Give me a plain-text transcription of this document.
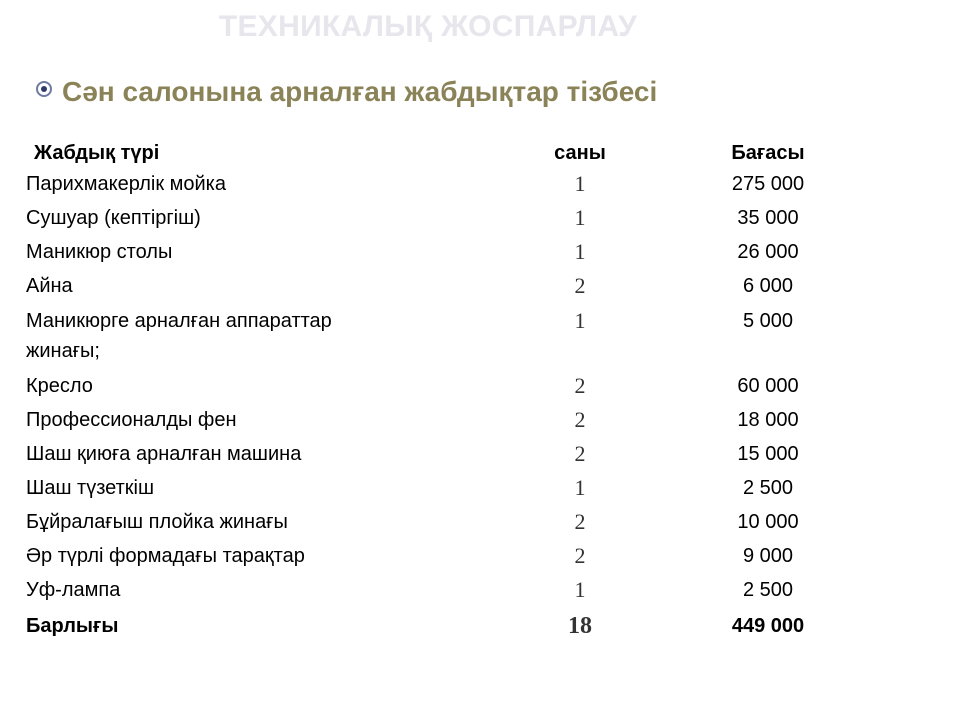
ТЕХНИКАЛЫҚ ЖОСПАРЛАУ
Сән салонына арналған жабдықтар тізбесі
Жабдық түрі	саны	Бағасы
Парихмакерлік мойка	1	275 000
Сушуар (кептіргіш)	1	35 000
Маникюр столы	1	26 000
Айна	2	6 000
Маникюрге арналған аппараттар жинағы;	1	5 000
Кресло	2	60 000
Профессионалды фен	2	18 000
Шаш қиюға арналған машина	2	15 000
Шаш түзеткіш	1	2 500
Бұйралағыш плойка жинағы	2	10 000
Әр түрлі формадағы тарақтар	2	9 000
Уф-лампа	1	2 500
Барлығы	18	449 000
